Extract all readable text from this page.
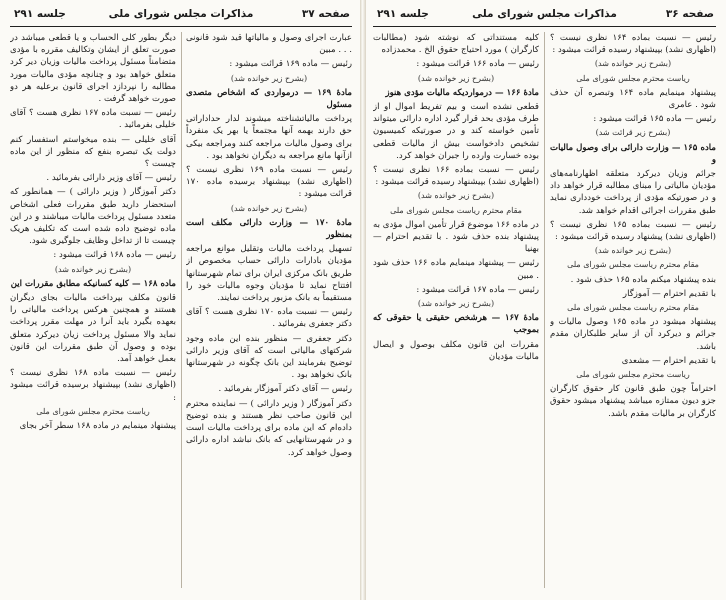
صفحه ۳۷
مذاکرات مجلس شورای ملی
جلسه ۲۹۱

عبارت اجرای وصول و مالیاتها قید شود قانونی . . . مبین

رئیس — ماده ۱۶۹ قرائت میشود :

(بشرح زیر خوانده شد)

مادۀ ۱۶۹ — درمواردی که اشخاص متصدی مسئول

پرداخت مالیاتشناخته میشوند لدار حداداراتی حق دارند بهمه آنها مجتمعاً یا بهر یک منفرداً برای وصول مالیات مراجعه کنند ومراجعه بیکی ازآنها مانع مراجعه به دیگران نخواهد بود .

رئیس — نسبت ماده ۱۶۹ نظری نیست ؟ (اظهاری نشد) بپیشنهاد برسیده ماده ۱۷۰ قرائت میشود :

(بشرح زیر خوانده شد)

مادۀ ۱۷۰ — وزارت دارائی مکلف است بمنظور

تسهیل پرداخت مالیات وتقلیل موانع مراجعه مؤدیان بادارات دارائی حساب مخصوص از طریق بانک مرکزی ایران برای تمام شهرستانها افتتاح نماید تا مؤدیان وجوه مالیات خود را مستقیماً به بانک مزبور پرداخت نمایند.

رئیس — نسبت ماده ۱۷۰ نظری هست ؟ آقای دکتر جعفری بفرمائید .

دکتر جعفری — منظور بنده این ماده وجود شرکتهای مالیاتی است که آقای وزیر دارائی توضیح بفرمایند این بانک چگونه در شهرستانها بانک نخواهد بود .

رئیس — آقای دکتر آموزگار بفرمائید .

دکتر آموزگار ( وزیر دارائی ) — نماینده محترم این قانون صاحب نظر هستند و بنده توضیح داده‌ام که این ماده برای پرداخت مالیات است و در شهرستانهایی که بانک نباشد اداره دارائی وصول خواهد کرد.

دیگر بطور کلی الحساب و یا قطعی میباشد در صورت تعلق از ایشان وتکالیف مقرره با مؤدی متضامناً مسئول پرداخت مالیات وزیان دیر کرد متعلق خواهد بود و چنانچه مؤدی مالیات مورد مطالبه را نپردازد اجرای قانون برعلیه هر دو صورت خواهد گرفت .

رئیس — نسبت ماده ۱۶۷ نظری هست ؟ آقای خلیلی بفرمائید .

آقای خلیلی — بنده میخواستم استفسار کنم دولت یک تبصره بنفع که منظور از این ماده چیست ؟

رئیس — آقای وزیر دارائی بفرمائید .

دکتر آموزگار ( وزیر دارائی ) — همانطور که استحضار دارید طبق مقررات فعلی اشخاص متعدد مسئول پرداخت مالیات میباشند و در این ماده توضیح داده شده است که تکلیف هریک چیست تا از تداخل وظایف جلوگیری شود.

رئیس — ماده ۱۶۸ قرائت میشود :

(بشرح زیر خوانده شد)

ماده ۱۶۸ — کلیه کسانیکه مطابق مقررات این

قانون مکلف بپرداخت مالیات بجای دیگران هستند و همچنین هرکس پرداخت مالیاتی را بعهده بگیرد باید آنرا در مهلت مقرر پرداخت نماید والا مسئول پرداخت زیان دیرکرد متعلق بوده و وصول آن طبق مقررات این قانون بعمل خواهد آمد.

رئیس — نسبت ماده ۱۶۸ نظری نیست ؟ (اظهاری نشد) بپیشنهاد برسیده قرائت میشود :

ریاست محترم مجلس شورای ملی

پیشنهاد مینمایم در ماده ۱۶۸ سطر آخر بجای

صفحه ۳۶
مذاکرات مجلس شورای ملی
جلسه ۲۹۱

رئیس — نسبت بماده ۱۶۴ نظری نیست ؟ (اظهاری نشد) بپیشنهاد رسیده قرائت میشود :

(بشرح زیر خوانده شد)

ریاست محترم مجلس شورای ملی

پیشنهاد مینمایم ماده ۱۶۴ وتبصره آن حذف شود . عامری

رئیس — ماده ۱۶۵ قرائت میشود :

(بشرح زیر قرائت شد)

ماده ۱۶۵ — وزارت دارائی برای وصول مالیات و

جرائم وزیان دیرکرد متعلقه اظهارنامه‌های مؤدیان مالیاتی را مبنای مطالبه قرار خواهد داد و در صورتیکه مؤدی از پرداخت خودداری نماید طبق مقررات اجرائی اقدام خواهد شد.

رئیس — نسبت بماده ۱۶۵ نظری نیست ؟ (اظهاری نشد) پیشنهاد رسیده قرائت میشود :

(بشرح زیر خوانده شد)

مقام محترم ریاست مجلس شورای ملی

بنده پیشنهاد میکنم ماده ۱۶۵ حذف شود .

با تقدیم احترام — آموزگار

مقام محترم ریاست مجلس شورای ملی

پیشنهاد میشود در ماده ۱۶۵ وصول مالیات و جرائم و دیرکرد آن از سایر طلبکاران مقدم باشد.

با تقدیم احترام — مشعدی

ریاست محترم مجلس شورای ملی

احتراماً چون طبق قانون کار حقوق کارگران جزو دیون ممتازه میباشد پیشنهاد میشود حقوق کارگران بر مالیات مقدم باشد.

کلیه مستنداتی که نوشته شود (مطالبات کارگران ) مورد احتیاج حقوق الخ . محمدزاده

رئیس — ماده ۱۶۶ قرائت میشود :

(بشرح زیر خوانده شد)

مادۀ ۱۶۶ — درمواردیکه مالیات مؤدی هنوز

قطعی نشده است و بیم تفریط اموال او از طرف مؤدی بحد قرار گیرد اداره دارائی میتواند تأمین خواسته کند و در صورتیکه کمیسیون تشخیص دادخواست بیش از مالیات قطعی بوده خسارت وارده را جبران خواهد کرد.

رئیس — نسبت بماده ۱۶۶ نظری نیست ؟ (اظهاری نشد) بپیشنهاد رسیده قرائت میشود :

(بشرح زیر خوانده شد)

مقام محترم ریاست مجلس شورای ملی

در ماده ۱۶۶ موضوع قرار تأمین اموال مؤدی به پیشنهاد بنده حذف شود . با تقدیم احترام — بهنیا

رئیس — پیشنهاد مینمایم ماده ۱۶۶ حذف شود . مبین

رئیس — ماده ۱۶۷ قرائت میشود :

(بشرح زیر خوانده شد)

مادۀ ۱۶۷ — هرشخص حقیقی یا حقوقی که بموجب

مقررات این قانون مکلف بوصول و ایصال مالیات مؤدیان
